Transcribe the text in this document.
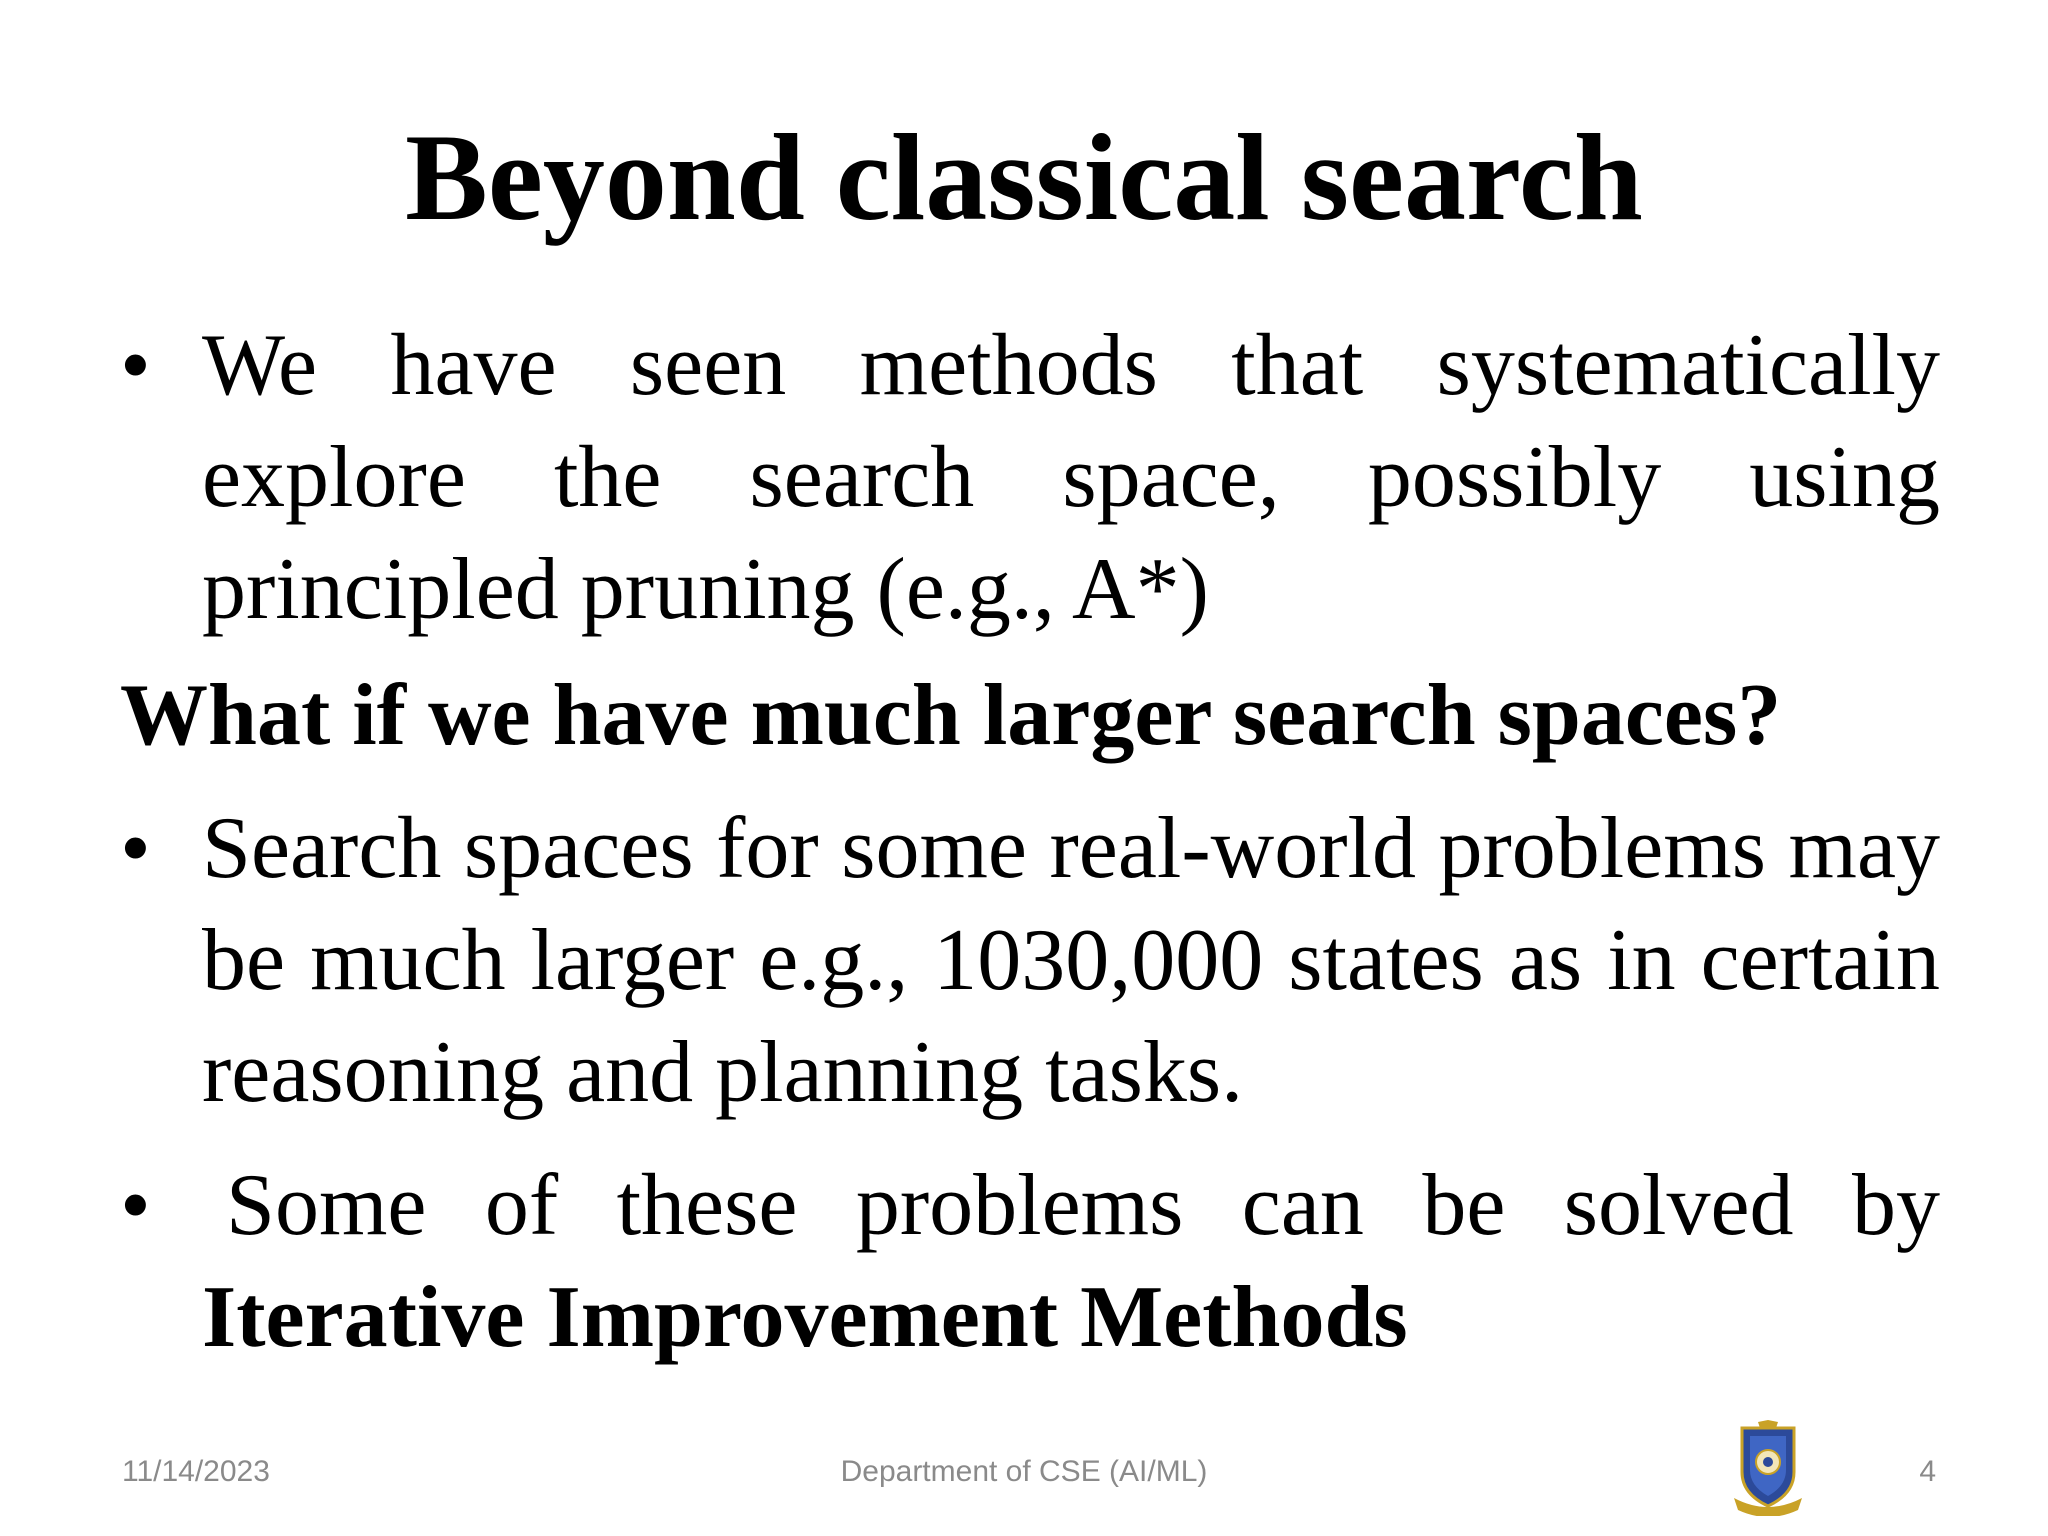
Beyond classical search
• We have seen methods that systematically explore the search space, possibly using principled pruning (e.g., A*)
What if we have much larger search spaces?
• Search spaces for some real-world problems may be much larger e.g., 1030,000 states as in certain reasoning and planning tasks.
• Some of these problems can be solved by Iterative Improvement Methods
11/14/2023	Department of CSE (AI/ML)	4
